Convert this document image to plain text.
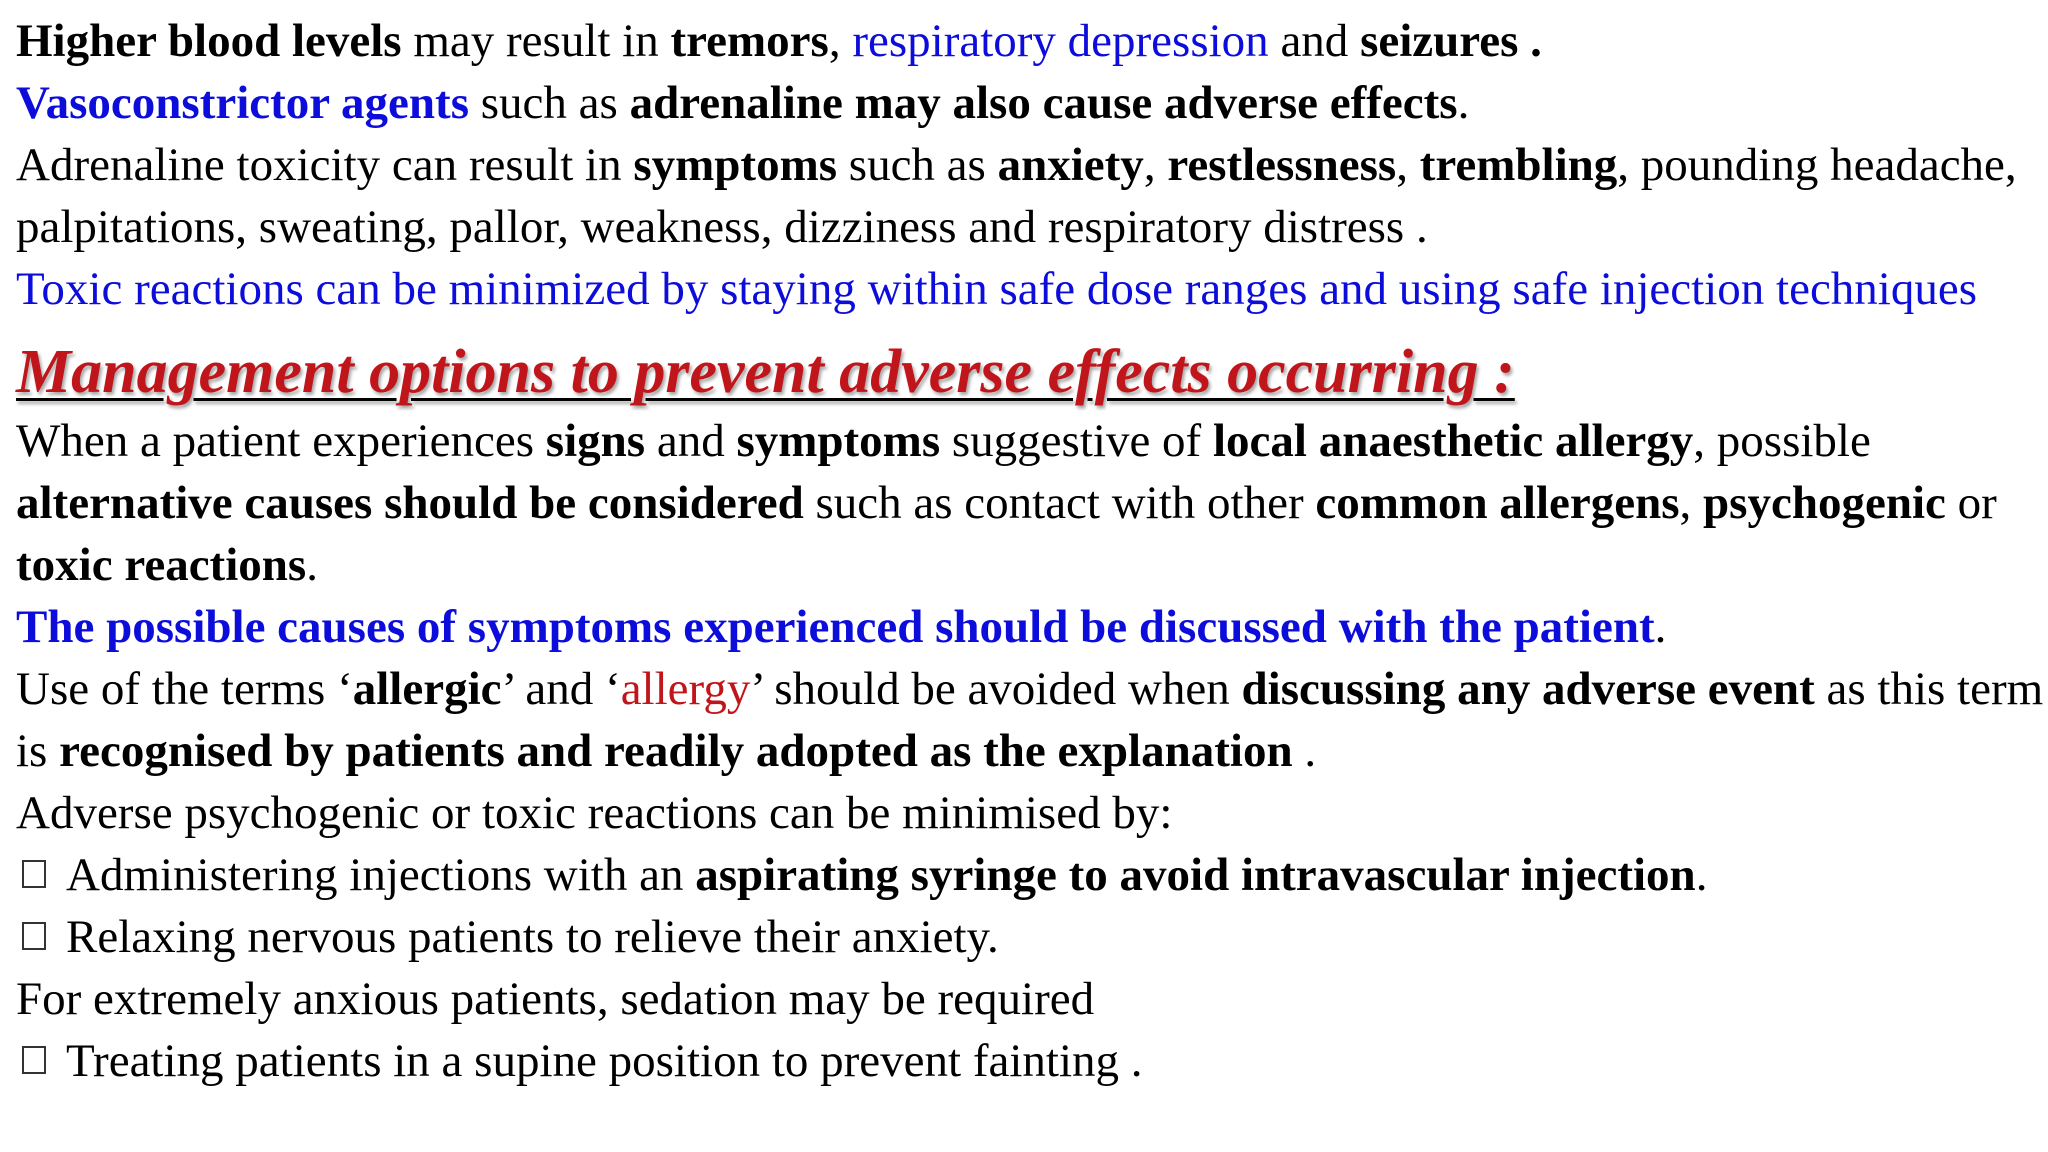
Higher blood levels may result in tremors, respiratory depression and seizures .

Vasoconstrictor agents such as adrenaline may also cause adverse effects.

Adrenaline toxicity can result in symptoms such as anxiety, restlessness, trembling, pounding headache, palpitations, sweating, pallor, weakness, dizziness and respiratory distress .

Toxic reactions can be minimized by staying within safe dose ranges and using safe injection techniques

Management options to prevent adverse effects occurring :

When a patient experiences signs and symptoms suggestive of local anaesthetic allergy, possible alternative causes should be considered such as contact with other common allergens, psychogenic or toxic reactions.

The possible causes of symptoms experienced should be discussed with the patient.

Use of the terms ‘allergic’ and ‘allergy’ should be avoided when discussing any adverse event as this term is recognised by patients and readily adopted as the explanation .

Adverse psychogenic or toxic reactions can be minimised by:

Administering injections with an aspirating syringe to avoid intravascular injection.

Relaxing nervous patients to relieve their anxiety.

For extremely anxious patients, sedation may be required

Treating patients in a supine position to prevent fainting .
